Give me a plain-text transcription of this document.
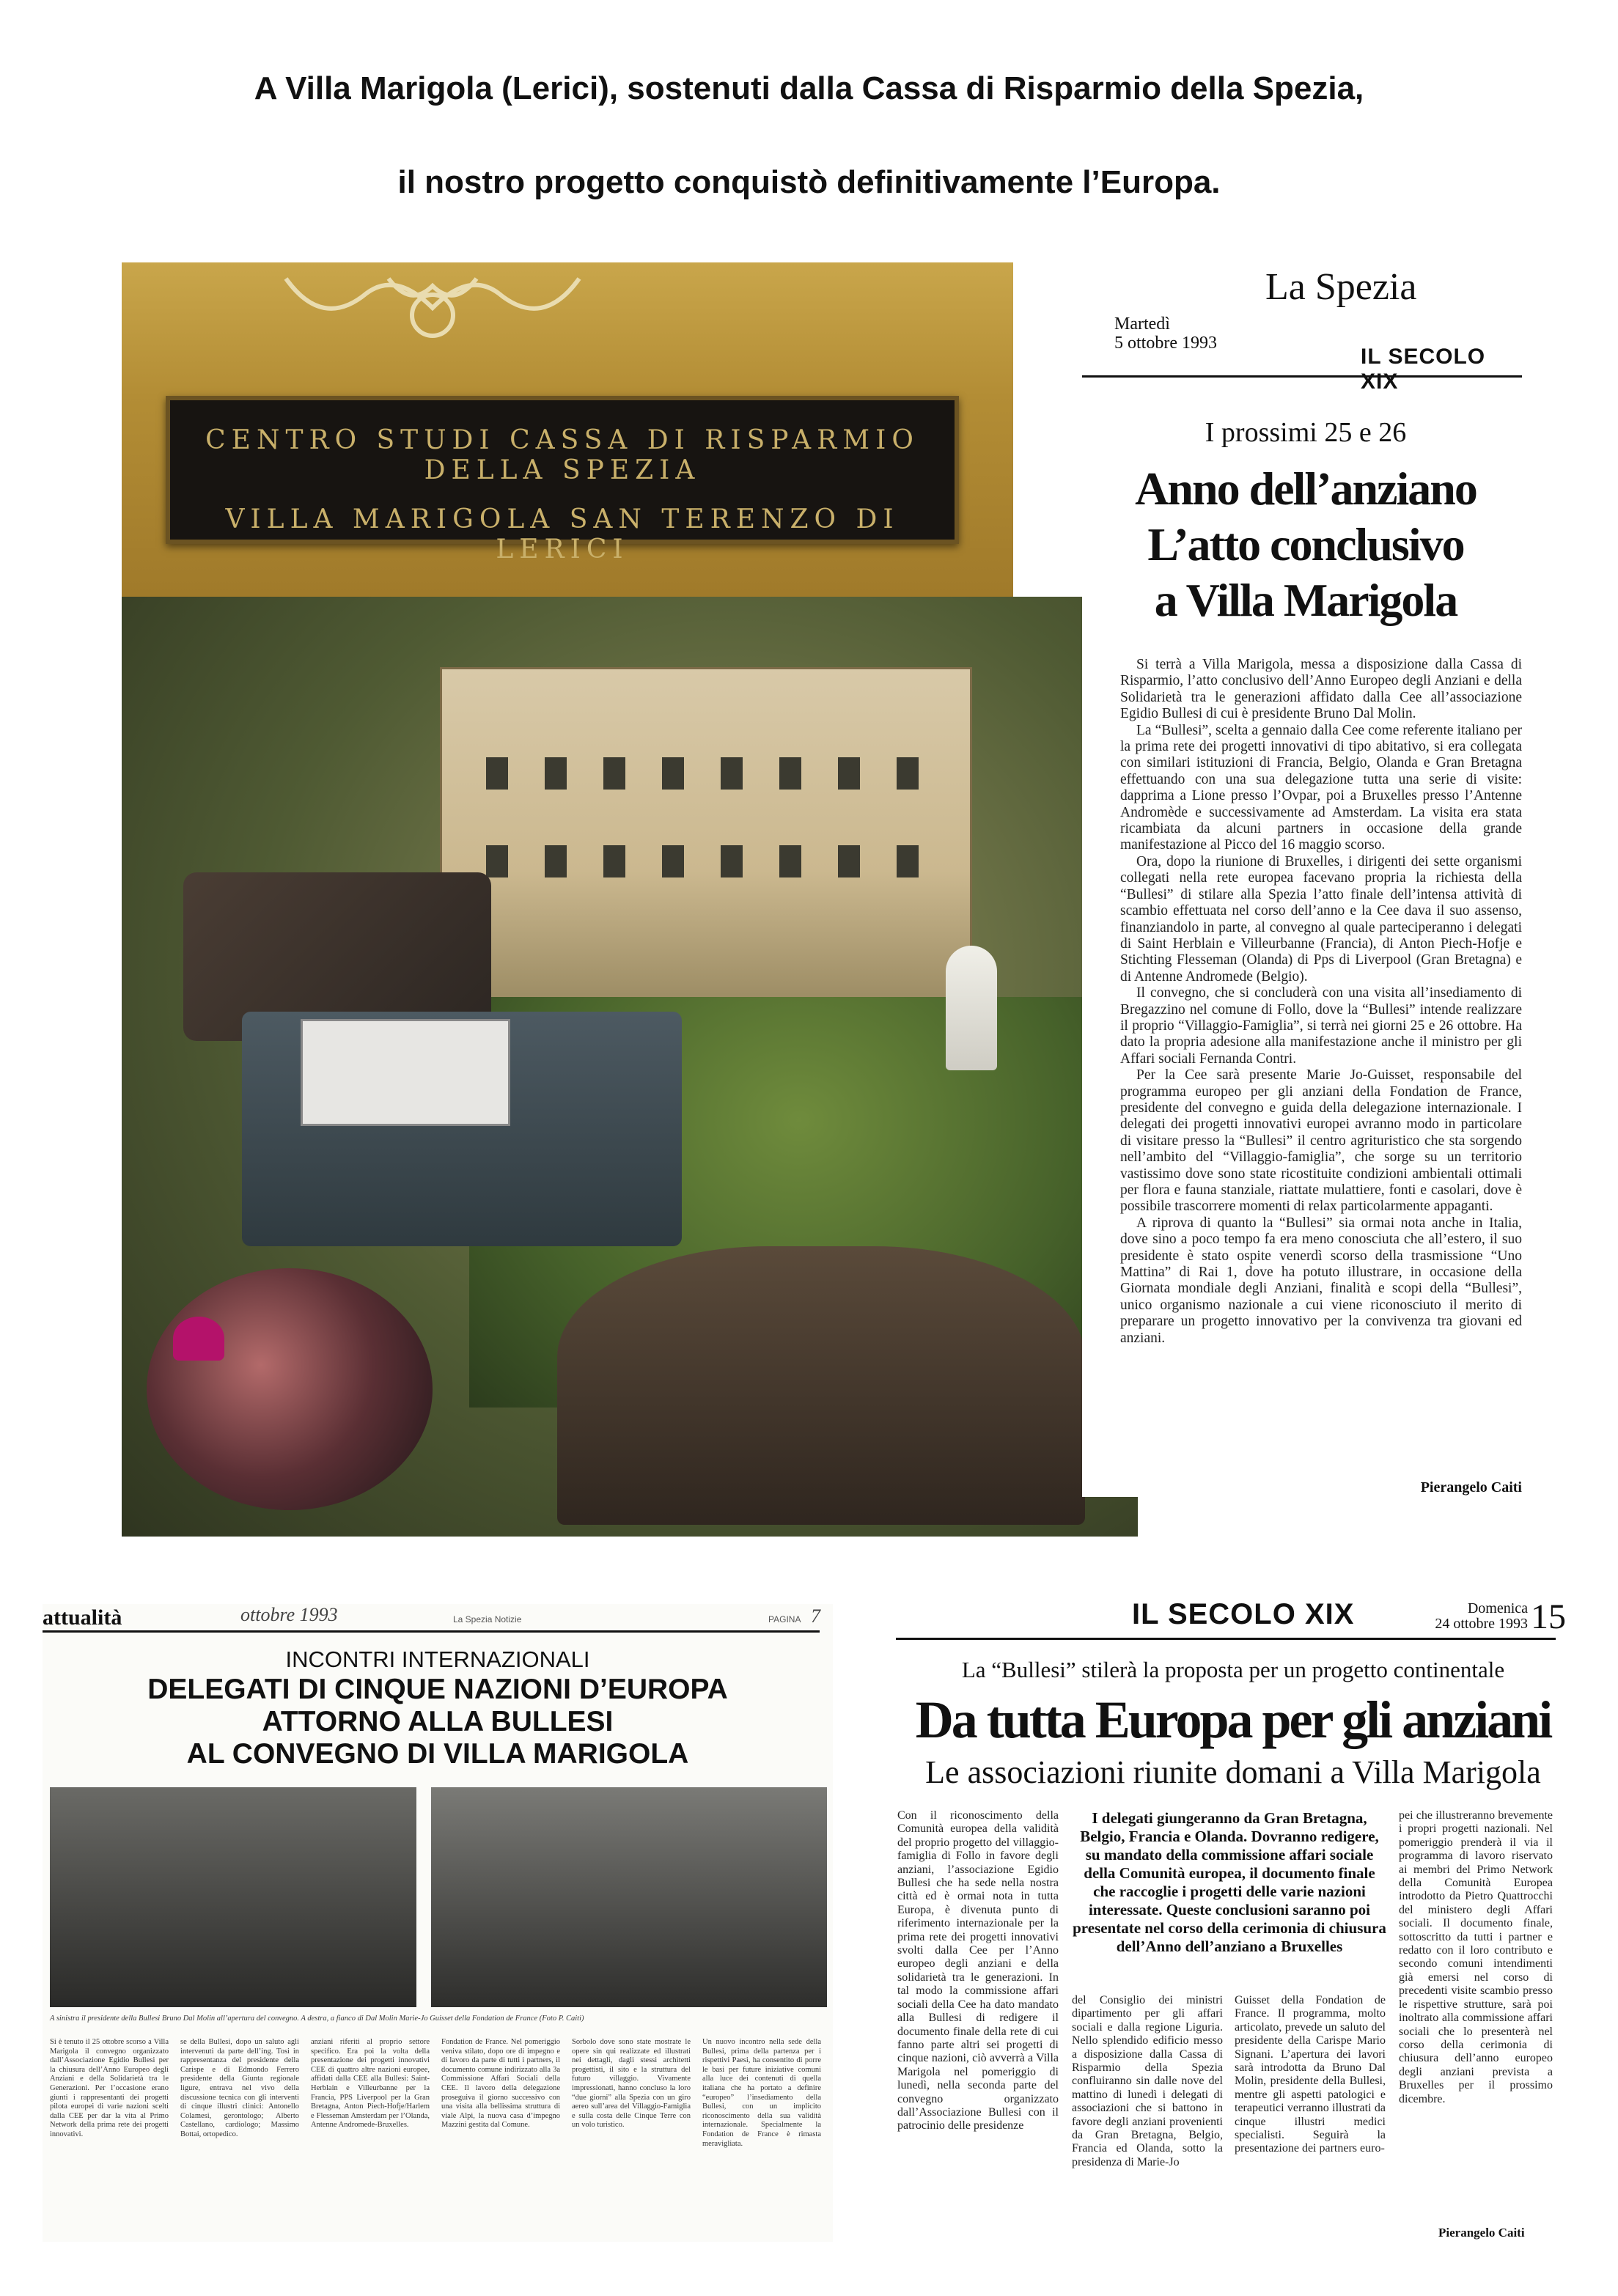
A Villa Marigola (Lerici), sostenuti dalla Cassa di Risparmio della Spezia,
il nostro progetto conquistò definitivamente l’Europa.
CENTRO STUDI CASSA DI RISPARMIO DELLA SPEZIA
VILLA MARIGOLA SAN TERENZO DI LERICI
La Spezia
Martedì
5 ottobre 1993
IL SECOLO XIX
I prossimi 25 e 26
Anno dell’anziano
L’atto conclusivo
a Villa Marigola

Si terrà a Villa Marigola, messa a disposizione dalla Cassa di Risparmio, l’atto conclusivo dell’Anno Europeo degli Anziani e della Solidarietà tra le generazioni affidato dalla Cee all’associazione Egidio Bullesi di cui è presidente Bruno Dal Molin.

La “Bullesi”, scelta a gennaio dalla Cee come referente italiano per la prima rete dei progetti innovativi di tipo abitativo, si era collegata con similari istituzioni di Francia, Belgio, Olanda e Gran Bretagna effettuando con una sua delegazione tutta una serie di visite: dapprima a Lione presso l’Ovpar, poi a Bruxelles presso l’Antenne Andromède e successivamente ad Amsterdam. La visita era stata ricambiata da alcuni partners in occasione della grande manifestazione al Picco del 16 maggio scorso.

Ora, dopo la riunione di Bruxelles, i dirigenti dei sette organismi collegati nella rete europea facevano propria la richiesta della “Bullesi” di stilare alla Spezia l’atto finale dell’intensa attività di scambio effettuata nel corso dell’anno e la Cee dava il suo assenso, finanziandolo in parte, al convegno al quale parteciperanno i delegati di Saint Herblain e Villeurbanne (Francia), di Anton Piech-Hofje e Stichting Flesseman (Olanda) di Pps di Liverpool (Gran Bretagna) e di Antenne Andromede (Belgio).

Il convegno, che si concluderà con una visita all’insediamento di Bregazzino nel comune di Follo, dove la “Bullesi” intende realizzare il proprio “Villaggio-Famiglia”, si terrà nei giorni 25 e 26 ottobre. Ha dato la propria adesione alla manifestazione anche il ministro per gli Affari sociali Fernanda Contri.

Per la Cee sarà presente Marie Jo-Guisset, responsabile del programma europeo per gli anziani della Fondation de France, presidente del convegno e guida della delegazione internazionale. I delegati dei progetti innovativi europei avranno modo in particolare di visitare presso la “Bullesi” il centro agrituristico che sta sorgendo nell’ambito del “Villaggio-famiglia”, che sorge su un territorio vastissimo dove sono state ricostituite condizioni ambientali ottimali per flora e fauna stanziale, riattate mulattiere, fonti e casolari, dove è possibile trascorrere momenti di relax particolarmente appaganti.

A riprova di quanto la “Bullesi” sia ormai nota anche in Italia, dove sino a poco tempo fa era meno conosciuta che all’estero, il suo presidente è stato ospite venerdì scorso della trasmissione “Uno Mattina” di Rai 1, dove ha potuto illustrare, in occasione della Giornata mondiale degli Anziani, finalità e scopi della “Bullesi”, unico organismo nazionale a cui viene riconosciuto il merito di preparare un progetto innovativo per la convivenza tra giovani ed anziani.

Pierangelo Caiti
attualità	ottobre 1993	La Spezia Notizie	PAGINA 7
INCONTRI INTERNAZIONALI
DELEGATI DI CINQUE NAZIONI D’EUROPA
ATTORNO ALLA BULLESI
AL CONVEGNO DI VILLA MARIGOLA
A sinistra il presidente della Bullesi Bruno Dal Molin all’apertura del convegno. A destra, a fianco di Dal Molin Marie-Jo Guisset della Fondation de France (Foto P. Caiti)
Si è tenuto il 25 ottobre scorso a Villa Marigola il convegno organizzato dall’Associazione Egidio Bullesi per la chiusura dell’Anno Europeo degli Anziani e della Solidarietà tra le Generazioni. Per l’occasione erano giunti i rappresentanti dei progetti pilota europei di varie nazioni scelti dalla CEE per dar la vita al Primo Network della prima rete dei progetti innovativi.
se della Bullesi, dopo un saluto agli intervenuti da parte dell’ing. Tosi in rappresentanza del presidente della Carispe e di Edmondo Ferrero presidente della Giunta regionale ligure, entrava nel vivo della discussione tecnica con gli interventi di cinque illustri clinici: Antonello Colamesi, gerontologo; Alberto Castellano, cardiologo; Massimo Bottai, ortopedico.
anziani riferiti al proprio settore specifico. Era poi la volta della presentazione dei progetti innovativi CEE di quattro altre nazioni europee, affidati dalla CEE alla Bullesi: Saint-Herblain e Villeurbanne per la Francia, PPS Liverpool per la Gran Bretagna, Anton Piech-Hofje/Harlem e Flesseman Amsterdam per l’Olanda, Antenne Andromede-Bruxelles.
Fondation de France. Nel pomeriggio veniva stilato, dopo ore di impegno e di lavoro da parte di tutti i partners, il documento comune indirizzato alla 3a Commissione Affari Sociali della CEE. Il lavoro della delegazione proseguiva il giorno successivo con una visita alla bellissima struttura di viale Alpi, la nuova casa d’impegno Mazzini gestita dal Comune.
Sorbolo dove sono state mostrate le opere sin qui realizzate ed illustrati nei dettagli, dagli stessi architetti progettisti, il sito e la struttura del futuro villaggio. Vivamente impressionati, hanno concluso la loro “due giorni” alla Spezia con un giro aereo sull’area del Villaggio-Famiglia e sulla costa delle Cinque Terre con un volo turistico.
Un nuovo incontro nella sede della Bullesi, prima della partenza per i rispettivi Paesi, ha consentito di porre le basi per future iniziative comuni alla luce dei contenuti di quella italiana che ha portato a definire “europeo” l’insediamento della Bullesi, con un implicito riconoscimento della sua validità internazionale. Specialmente la Fondation de France è rimasta meravigliata.
IL SECOLO XIX	Domenica
24 ottobre 1993 15
La “Bullesi” stilerà la proposta per un progetto continentale
Da tutta Europa per gli anziani
Le associazioni riunite domani a Villa Marigola
Con il riconoscimento della Comunità europea della validità del proprio progetto del villaggio-famiglia di Follo in favore degli anziani, l’associazione Egidio Bullesi che ha sede nella nostra città ed è ormai nota in tutta Europa, è divenuta punto di riferimento internazionale per la prima rete dei progetti innovativi svolti dalla Cee per l’Anno europeo degli anziani e della solidarietà tra le generazioni. In tal modo la commissione affari sociali della Cee ha dato mandato alla Bullesi di redigere il documento finale della rete di cui fanno parte altri sei progetti di cinque nazioni, ciò avverrà a Villa Marigola nel pomeriggio di lunedì, nella seconda parte del convegno organizzato dall’Associazione Bullesi con il patrocinio delle presidenze
I delegati giungeranno da Gran Bretagna, Belgio, Francia e Olanda. Dovranno redigere, su mandato della commissione affari sociale della Comunità europea, il documento finale che raccoglie i progetti delle varie nazioni interessate. Queste conclusioni saranno poi presentate nel corso della cerimonia di chiusura dell’Anno dell’anziano a Bruxelles
del Consiglio dei ministri dipartimento per gli affari sociali e dalla regione Liguria. Nello splendido edificio messo a disposizione dalla Cassa di Risparmio della Spezia confluiranno sin dalle nove del mattino di lunedì i delegati di associazioni che si battono in favore degli anziani provenienti da Gran Bretagna, Belgio, Francia ed Olanda, sotto la presidenza di Marie-Jo
Guisset della Fondation de France. Il programma, molto articolato, prevede un saluto del presidente della Carispe Mario Signani. L’apertura dei lavori sarà introdotta da Bruno Dal Molin, presidente della Bullesi, mentre gli aspetti patologici e terapeutici verranno illustrati da cinque illustri medici specialisti. Seguirà la presentazione dei partners euro-
pei che illustreranno brevemente i propri progetti nazionali. Nel pomeriggio prenderà il via il programma di lavoro riservato ai membri del Primo Network della Comunità Europea introdotto da Pietro Quattrocchi del ministero degli Affari sociali. Il documento finale, sottoscritto da tutti i partner e redatto con il loro contributo e secondo comuni intendimenti già emersi nel corso di precedenti visite scambio presso le rispettive strutture, sarà poi inoltrato alla commissione affari sociali che lo presenterà nel corso della cerimonia di chiusura dell’anno europeo degli anziani prevista a Bruxelles per il prossimo dicembre.
Pierangelo Caiti
